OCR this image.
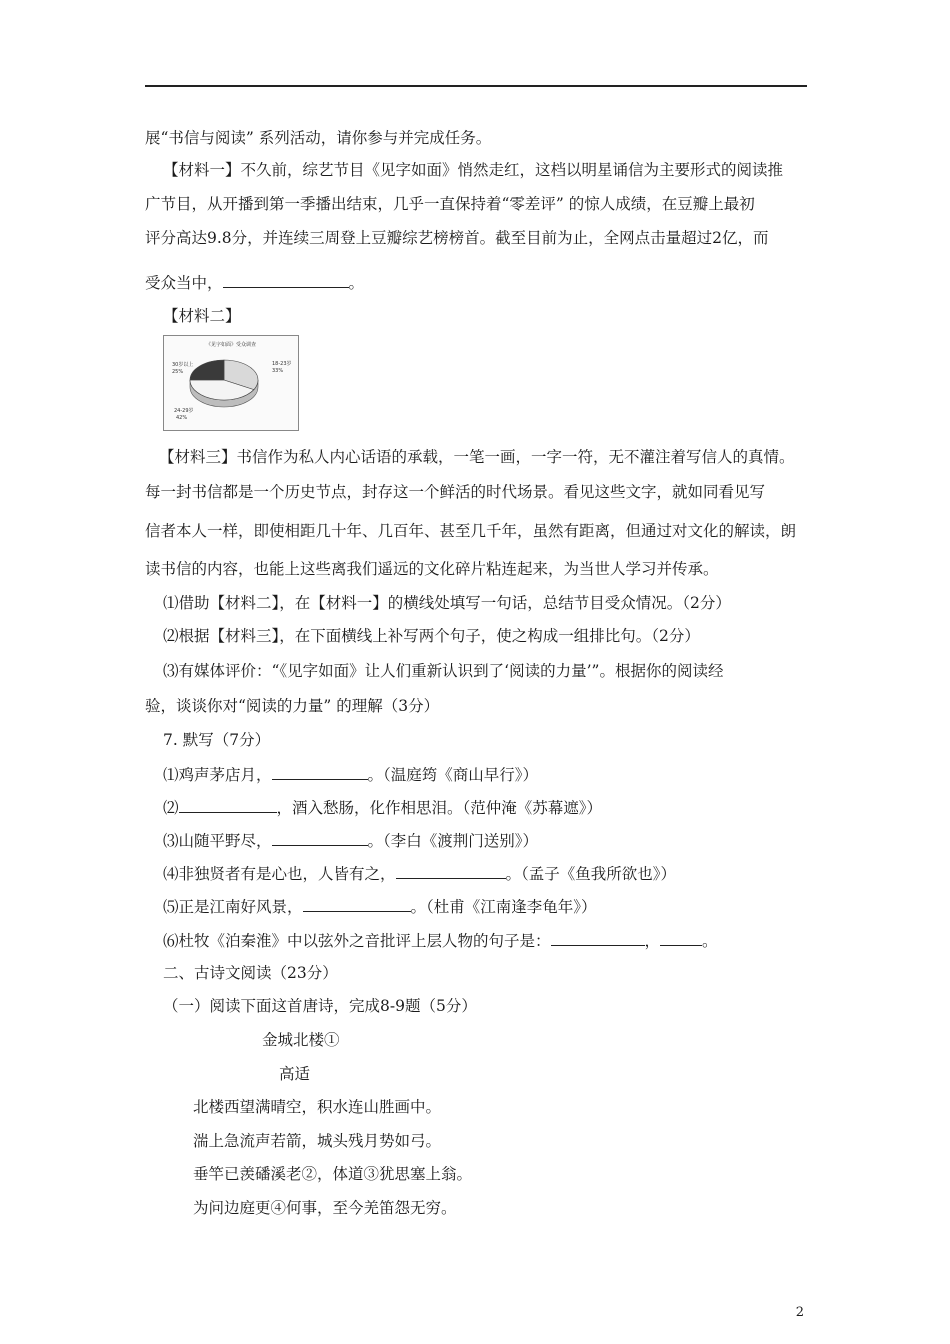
展“书信与阅读” 系列活动，请你参与并完成任务。
【材料一】不久前，综艺节目《见字如面》悄然走红，这档以明星诵信为主要形式的阅读推
广节目，从开播到第一季播出结束，几乎一直保持着“零差评” 的惊人成绩，在豆瓣上最初
评分高达9.8分，并连续三周登上豆瓣综艺榜榜首。截至目前为止，全网点击量超过2亿，而
受众当中，	。
【材料二】
《见字如面》受众调查
30岁以上
25%
18-23岁
33%
24-29岁
42%
【材料三】书信作为私人内心话语的承载，一笔一画，一字一符，无不灌注着写信人的真情。
每一封书信都是一个历史节点，封存这一个鲜活的时代场景。看见这些文字，就如同看见写
信者本人一样，即使相距几十年、几百年、甚至几千年，虽然有距离，但通过对文化的解读，朗
读书信的内容，也能上这些离我们遥远的文化碎片粘连起来，为当世人学习并传承。
⑴借助【材料二】，在【材料一】的横线处填写一句话，总结节目受众情况。（2分）
⑵根据【材料三】，在下面横线上补写两个句子，使之构成一组排比句。（2分）
⑶有媒体评价：“《见字如面》让人们重新认识到了‘阅读的力量’”。根据你的阅读经
验，谈谈你对“阅读的力量” 的理解（3分）
7. 默写（7分）
⑴鸡声茅店月，	。（温庭筠《商山早行》）
⑵	，酒入愁肠，化作相思泪。（范仲淹《苏幕遮》）
⑶山随平野尽，	。（李白《渡荆门送别》）
⑷非独贤者有是心也，人皆有之，	。（孟子《鱼我所欲也》）
⑸正是江南好风景，	。（杜甫《江南逢李龟年》）
⑹杜牧《泊秦淮》中以弦外之音批评上层人物的句子是：	，	。
二、古诗文阅读（23分）
（一）阅读下面这首唐诗，完成8-9题（5分）
金城北楼①
高适
北楼西望满晴空，积水连山胜画中。
湍上急流声若箭，城头残月势如弓。
垂竿已羡磻溪老②，体道③犹思塞上翁。
为问边庭更④何事，至今羌笛怨无穷。
2
